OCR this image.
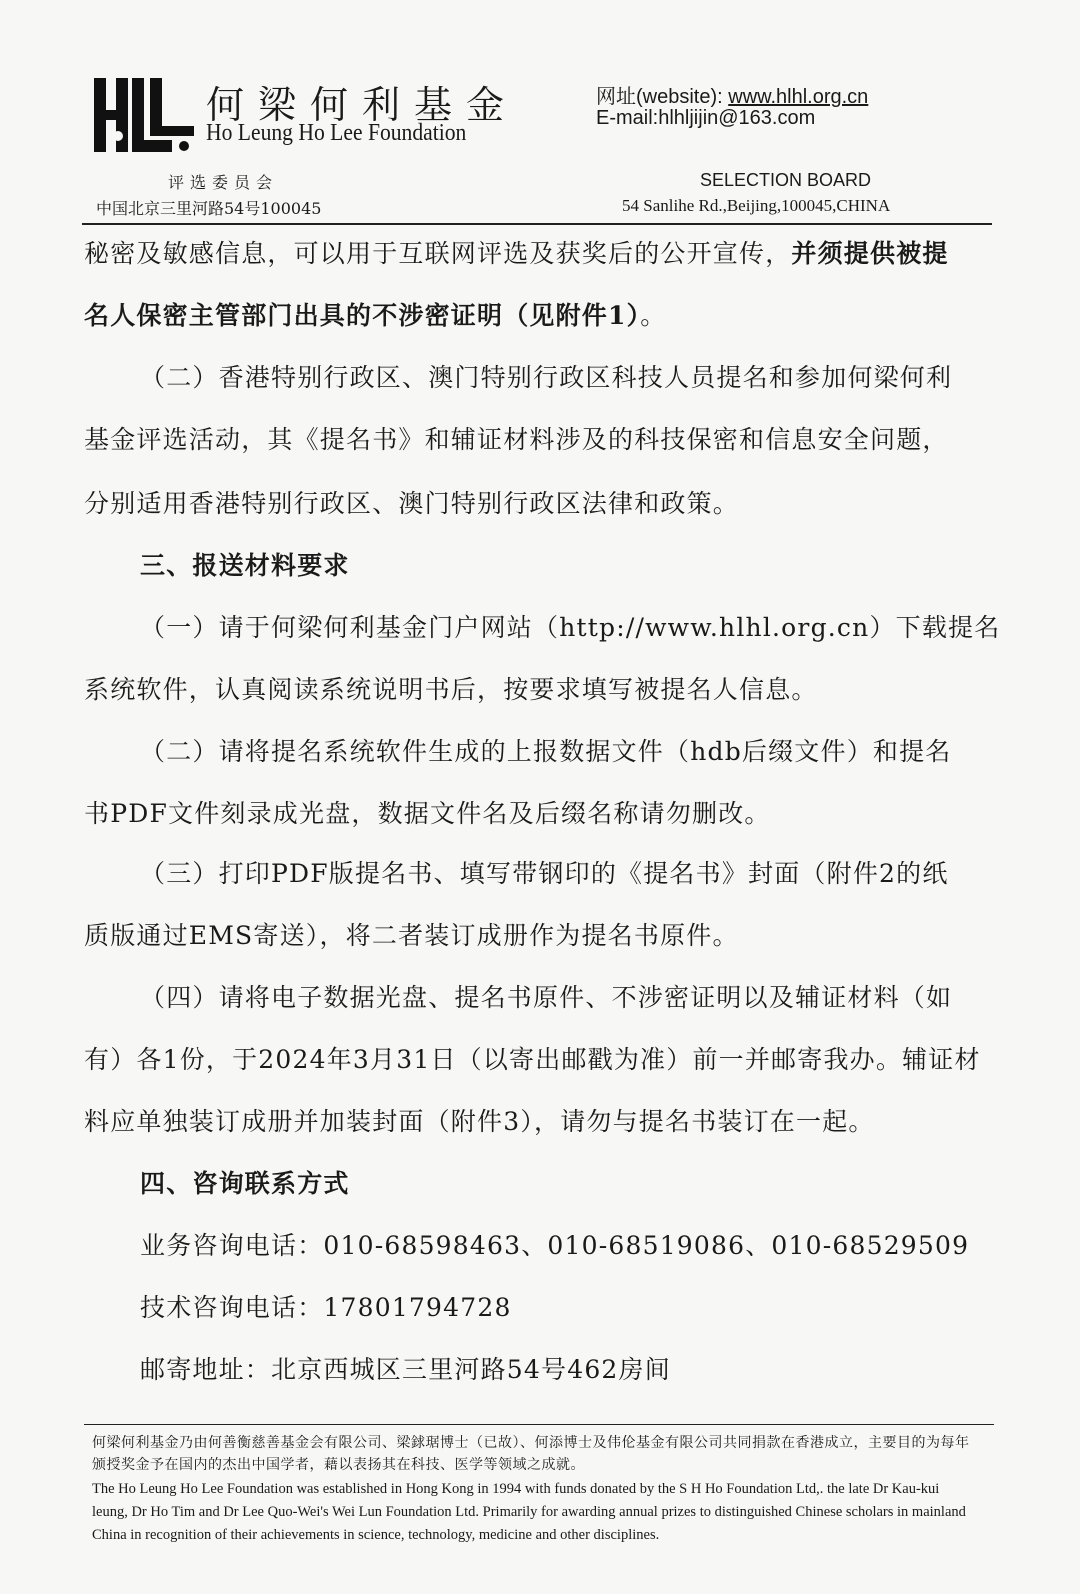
何梁何利基金
Ho Leung Ho Lee Foundation
网址(website): www.hlhl.org.cn
E-mail:hlhljijin@163.com
评选委员会
中国北京三里河路54号100045
SELECTION BOARD
54 Sanlihe Rd.,Beijing,100045,CHINA
秘密及敏感信息，可以用于互联网评选及获奖后的公开宣传，并须提供被提
名人保密主管部门出具的不涉密证明（见附件1）。
（二）香港特别行政区、澳门特别行政区科技人员提名和参加何梁何利
基金评选活动，其《提名书》和辅证材料涉及的科技保密和信息安全问题，
分别适用香港特别行政区、澳门特别行政区法律和政策。
三、报送材料要求
（一）请于何梁何利基金门户网站（http://www.hlhl.org.cn）下载提名
系统软件，认真阅读系统说明书后，按要求填写被提名人信息。
（二）请将提名系统软件生成的上报数据文件（hdb后缀文件）和提名
书PDF文件刻录成光盘，数据文件名及后缀名称请勿删改。
（三）打印PDF版提名书、填写带钢印的《提名书》封面（附件2的纸
质版通过EMS寄送），将二者装订成册作为提名书原件。
（四）请将电子数据光盘、提名书原件、不涉密证明以及辅证材料（如
有）各1份，于2024年3月31日（以寄出邮戳为准）前一并邮寄我办。辅证材
料应单独装订成册并加装封面（附件3），请勿与提名书装订在一起。
四、咨询联系方式
业务咨询电话：010-68598463、010-68519086、010-68529509
技术咨询电话：17801794728
邮寄地址：北京西城区三里河路54号462房间
何梁何利基金乃由何善衡慈善基金会有限公司、梁銶琚博士（已故）、何添博士及伟伦基金有限公司共同捐款在香港成立，主要目的为每年颁授奖金予在国内的杰出中国学者，藉以表扬其在科技、医学等领域之成就。
The Ho Leung Ho Lee Foundation was established in Hong Kong in 1994 with funds donated by the S H Ho Foundation Ltd,. the late Dr Kau-kui leung, Dr Ho Tim and Dr Lee Quo-Wei's Wei Lun Foundation Ltd. Primarily for awarding annual prizes to distinguished Chinese scholars in mainland China in recognition of their achievements in science, technology, medicine and other disciplines.
